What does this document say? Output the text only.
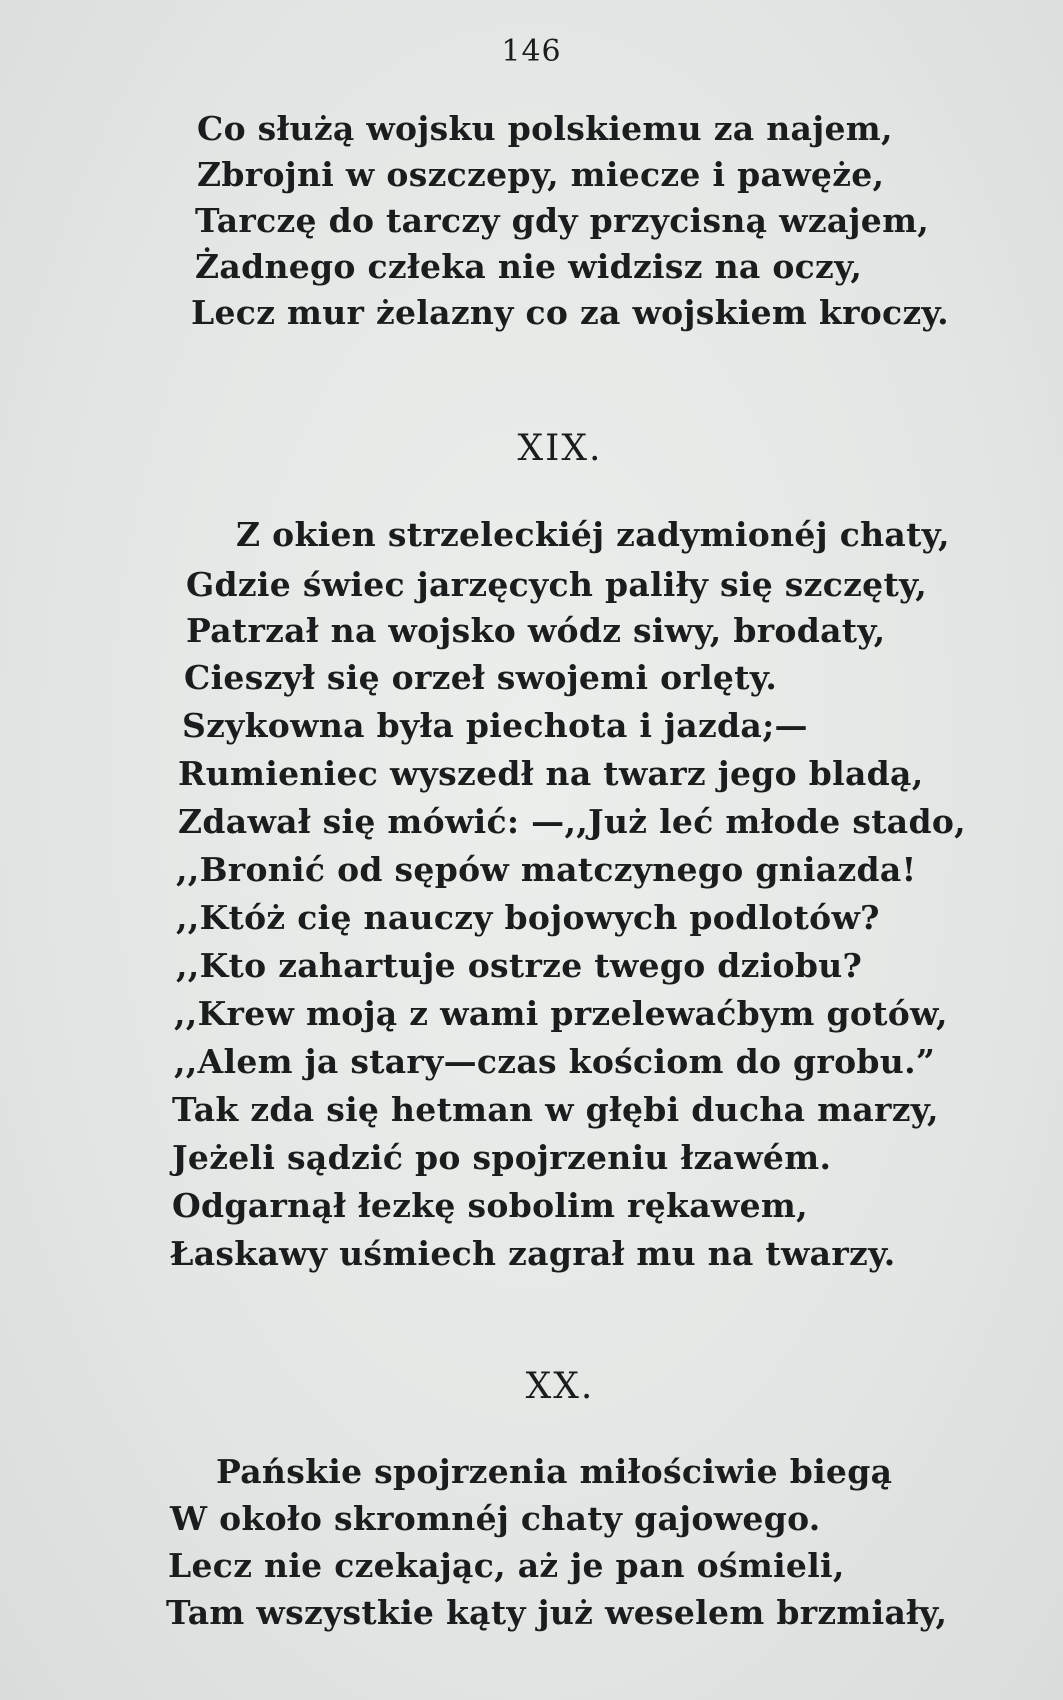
146
Co służą wojsku polskiemu za najem,
Zbrojni w oszczepy, miecze i pawęże,
Tarczę do tarczy gdy przycisną wzajem,
Żadnego człeka nie widzisz na oczy,
Lecz mur żelazny co za wojskiem kroczy.
XIX.
Z okien strzeleckiéj zadymionéj chaty,
Gdzie świec jarzęcych paliły się szczęty,
Patrzał na wojsko wódz siwy, brodaty,
Cieszył się orzeł swojemi orlęty.
Szykowna była piechota i jazda;—
Rumieniec wyszedł na twarz jego bladą,
Zdawał się mówić: —,,Już leć młode stado,
,,Bronić od sępów matczynego gniazda!
,,Któż cię nauczy bojowych podlotów?
,,Kto zahartuje ostrze twego dziobu?
,,Krew moją z wami przelewaćbym gotów,
,,Alem ja stary—czas kościom do grobu.”
Tak zda się hetman w głębi ducha marzy,
Jeżeli sądzić po spojrzeniu łzawém.
Odgarnął łezkę sobolim rękawem,
Łaskawy uśmiech zagrał mu na twarzy.
XX.
Pańskie spojrzenia miłościwie biegą
W około skromnéj chaty gajowego.
Lecz nie czekając, aż je pan ośmieli,
Tam wszystkie kąty już weselem brzmiały,
